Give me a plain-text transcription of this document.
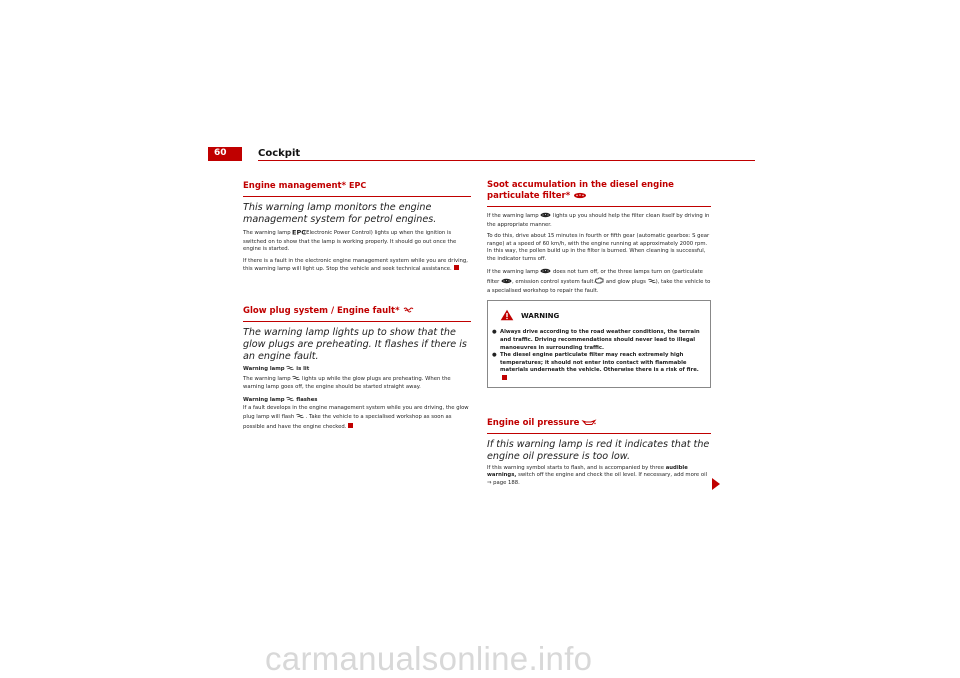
60	Cockpit
Engine management* EPC

This warning lamp monitors the engine management system for petrol engines.

The warning lamp EPC
(Electronic Power Control) lights up when the ignition is switched on to show that the lamp is working properly. It should go out once the engine is started.

If there is a fault in the electronic engine management system while you are driving, this warning lamp will light up. Stop the vehicle and seek technical assistance.

Glow plug system / Engine fault*

The warning lamp lights up to show that the glow plugs are preheating. It flashes if there is an engine fault.

Warning lamp is lit

The warning lamp lights up while the glow plugs are preheating. When the warning lamp goes off, the engine should be started straight away.

Warning lamp flashes

If a fault develops in the engine management system while you are driving, the glow plug lamp will flash . Take the vehicle to a specialised workshop as soon as possible and have the engine checked.

Soot accumulation in the diesel engine particulate filter*

If the warning lamp	lights up you should help the filter clean itself by driving in the appropriate manner.

To do this, drive about 15 minutes in fourth or fifth gear (automatic gearbox: S gear range) at a speed of 60 km/h, with the engine running at approximately 2000 rpm. In this way, the pollen build up in the filter is burned. When cleaning is successful, the indicator turns off.

If the warning lamp	does not turn off, or the three lamps turn on (particulate filter , emission control system fault and glow plugs ), take the vehicle to a specialised workshop to repair the fault.

WARNING
● Always drive according to the road weather conditions, the terrain and traffic. Driving recommendations should never lead to illegal manoeuvres in surrounding traffic.
● The diesel engine particulate filter may reach extremely high temperatures; it should not enter into contact with flammable materials underneath the vehicle. Otherwise there is a risk of fire.
Engine oil pressure

If this warning lamp is red it indicates that the engine oil pressure is too low.

If this warning symbol starts to flash, and is accompanied by three audible warnings, switch off the engine and check the oil level. If necessary, add more oil ⇒ page 188.

carmanualsonline.info
